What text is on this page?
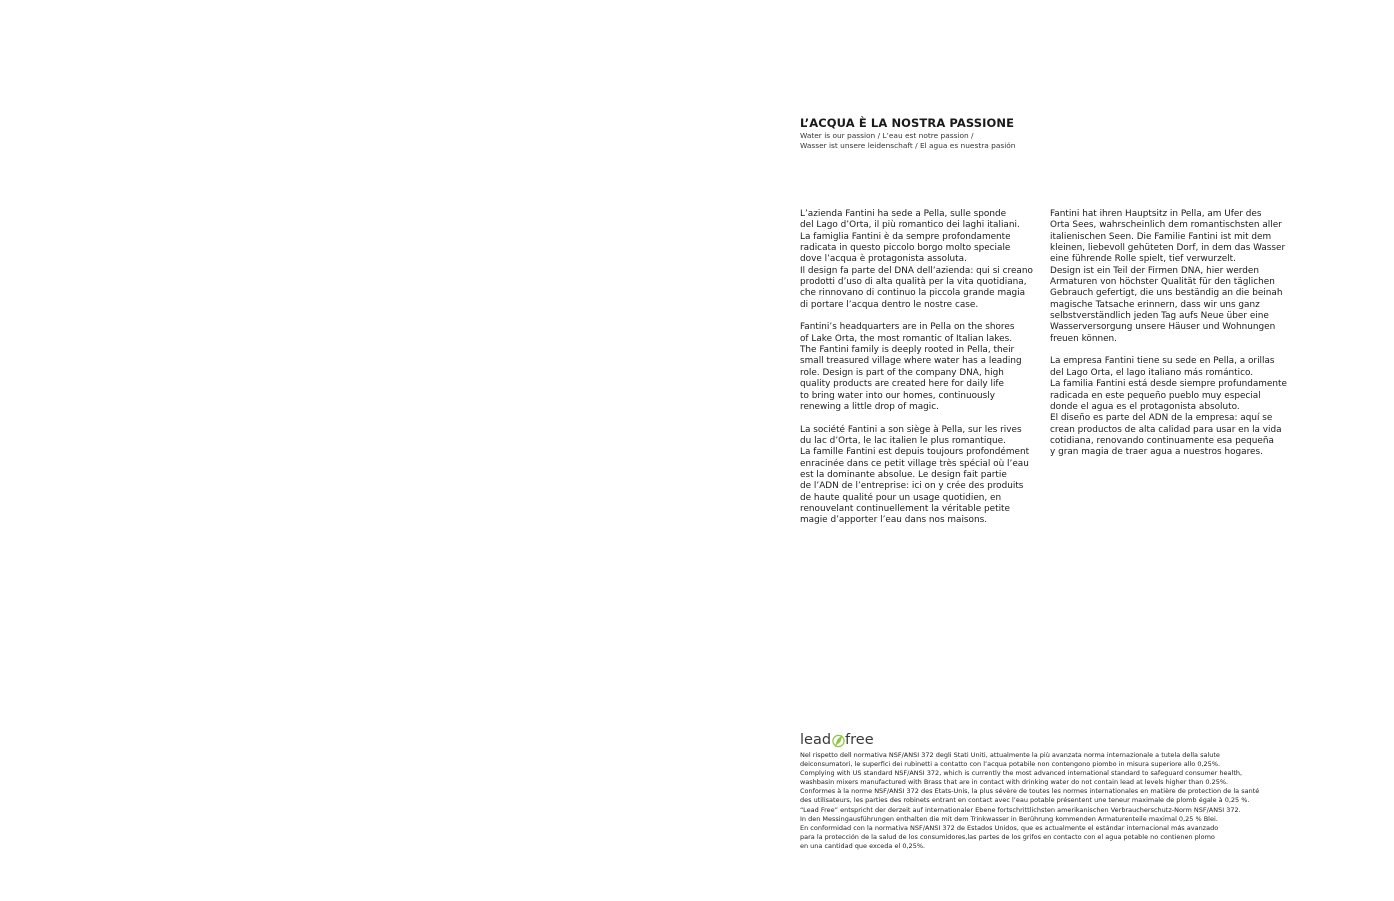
L’ACQUA È LA NOSTRA PASSIONE
Water is our passion / L’eau est notre passion /
Wasser ist unsere leidenschaft / El agua es nuestra pasión

L’azienda Fantini ha sede a Pella, sulle sponde
del Lago d’Orta, il più romantico dei laghi italiani.
La famiglia Fantini è da sempre profondamente
radicata in questo piccolo borgo molto speciale
dove l’acqua è protagonista assoluta.
Il design fa parte del DNA dell’azienda: qui si creano
prodotti d’uso di alta qualità per la vita quotidiana,
che rinnovano di continuo la piccola grande magia
di portare l’acqua dentro le nostre case.

Fantini’s headquarters are in Pella on the shores
of Lake Orta, the most romantic of Italian lakes.
The Fantini family is deeply rooted in Pella, their
small treasured village where water has a leading
role. Design is part of the company DNA, high
quality products are created here for daily life
to bring water into our homes, continuously
renewing a little drop of magic.

La société Fantini a son siège à Pella, sur les rives
du lac d’Orta, le lac italien le plus romantique.
La famille Fantini est depuis toujours profondément
enracinée dans ce petit village très spécial où l’eau
est la dominante absolue. Le design fait partie
de l’ADN de l’entreprise: ici on y crée des produits
de haute qualité pour un usage quotidien, en
renouvelant continuellement la véritable petite
magie d’apporter l’eau dans nos maisons.

Fantini hat ihren Hauptsitz in Pella, am Ufer des
Orta Sees, wahrscheinlich dem romantischsten aller
italienischen Seen. Die Familie Fantini ist mit dem
kleinen, liebevoll gehüteten Dorf, in dem das Wasser
eine führende Rolle spielt, tief verwurzelt.
Design ist ein Teil der Firmen DNA, hier werden
Armaturen von höchster Qualität für den täglichen
Gebrauch gefertigt, die uns beständig an die beinah
magische Tatsache erinnern, dass wir uns ganz
selbstverständlich jeden Tag aufs Neue über eine
Wasserversorgung unsere Häuser und Wohnungen
freuen können.

La empresa Fantini tiene su sede en Pella, a orillas
del Lago Orta, el lago italiano más romántico.
La familia Fantini está desde siempre profundamente
radicada en este pequeño pueblo muy especial
donde el agua es el protagonista absoluto.
El diseño es parte del ADN de la empresa: aquí se
crean productos de alta calidad para usar en la vida
cotidiana, renovando continuamente esa pequeña
y gran magia de traer agua a nuestros hogares.

lead free
Nel rispetto dell normativa NSF/ANSI 372 degli Stati Uniti, attualmente la più avanzata norma internazionale a tutela della salute
deiconsumatori, le superfici dei rubinetti a contatto con l’acqua potabile non contengono piombo in misura superiore allo 0,25%.
Complying with US standard NSF/ANSI 372, which is currently the most advanced international standard to safeguard consumer health,
washbasin mixers manufactured with Brass that are in contact with drinking water do not contain lead at levels higher than 0.25%.
Conformes à la norme NSF/ANSI 372 des Etats-Unis, la plus sévère de toutes les normes internationales en matière de protection de la santé
des utilisateurs, les parties des robinets entrant en contact avec l’eau potable présentent une teneur maximale de plomb égale à 0,25 %.
“Lead Free” entspricht der derzeit auf internationaler Ebene fortschrittlichsten amerikanischen Verbraucherschutz-Norm NSF/ANSI 372.
In den Messingausführungen enthalten die mit dem Trinkwasser in Berührung kommenden Armaturenteile maximal 0,25 % Blei.
En conformidad con la normativa NSF/ANSI 372 de Estados Unidos, que es actualmente el estándar internacional más avanzado
para la protección de la salud de los consumidores,las partes de los grifos en contacto con el agua potable no contienen plomo
en una cantidad que exceda el 0,25%.
